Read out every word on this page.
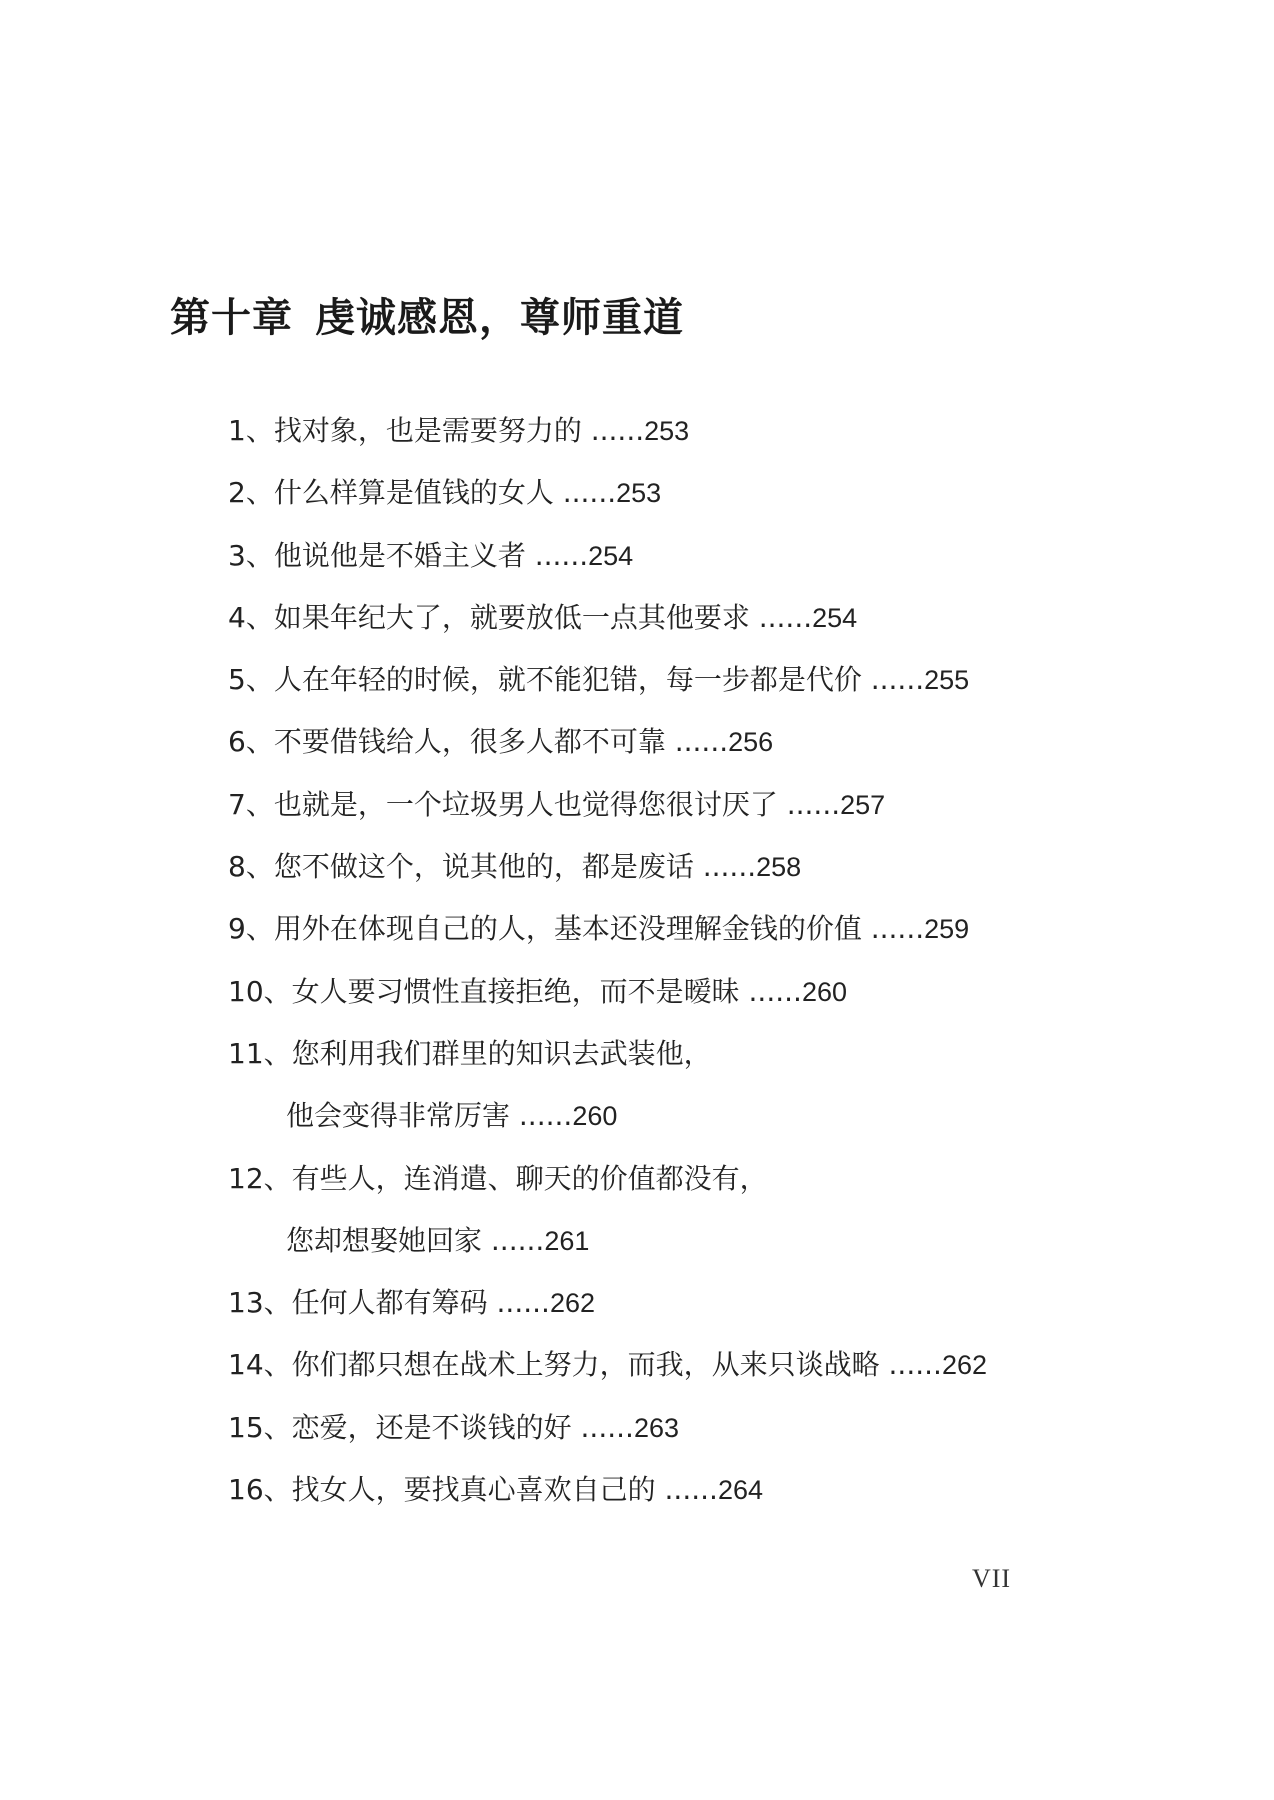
第十章 虔诚感恩，尊师重道
1、找对象，也是需要努力的 ......253
2、什么样算是值钱的女人 ......253
3、他说他是不婚主义者 ......254
4、如果年纪大了，就要放低一点其他要求 ......254
5、人在年轻的时候，就不能犯错，每一步都是代价 ......255
6、不要借钱给人，很多人都不可靠 ......256
7、也就是，一个垃圾男人也觉得您很讨厌了 ......257
8、您不做这个，说其他的，都是废话 ......258
9、用外在体现自己的人，基本还没理解金钱的价值 ......259
10、女人要习惯性直接拒绝，而不是暧昧 ......260
11、您利用我们群里的知识去武装他，
他会变得非常厉害 ......260
12、有些人，连消遣、聊天的价值都没有，
您却想娶她回家 ......261
13、任何人都有筹码 ......262
14、你们都只想在战术上努力，而我，从来只谈战略 ......262
15、恋爱，还是不谈钱的好 ......263
16、找女人，要找真心喜欢自己的 ......264
VII
